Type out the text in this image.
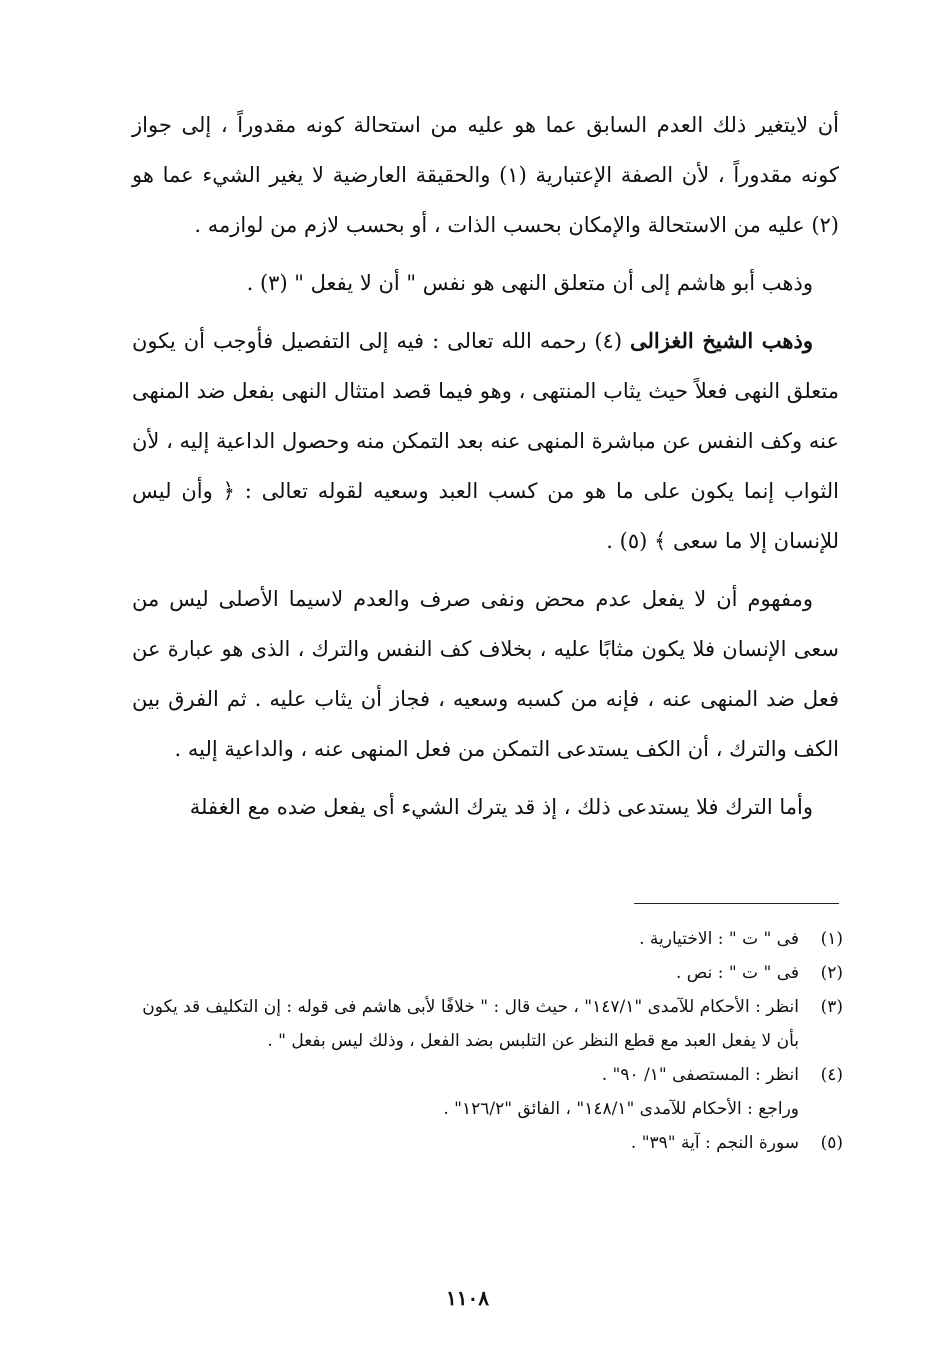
أن لايتغير ذلك العدم السابق عما هو عليه من استحالة كونه مقدوراً ، إلى جواز كونه مقدوراً ، لأن الصفة الإعتبارية (١) والحقيقة العارضية لا يغير الشيء عما هو (٢) عليه من الاستحالة والإمكان بحسب الذات ، أو بحسب لازم من لوازمه .

وذهب أبو هاشم إلى أن متعلق النهى هو نفس " أن لا يفعل " (٣) .

وذهب الشيخ الغزالى (٤) رحمه الله تعالى : فيه إلى التفصيل فأوجب أن يكون متعلق النهى فعلاً حيث يثاب المنتهى ، وهو فيما قصد امتثال النهى بفعل ضد المنهى عنه وكف النفس عن مباشرة المنهى عنه بعد التمكن منه وحصول الداعية إليه ، لأن الثواب إنما يكون على ما هو من كسب العبد وسعيه لقوله تعالى : ﴿ وأن ليس للإنسان إلا ما سعى ﴾ (٥) .

ومفهوم أن لا يفعل عدم محض ونفى صرف والعدم لاسيما الأصلى ليس من سعى الإنسان فلا يكون مثابًا عليه ، بخلاف كف النفس والترك ، الذى هو عبارة عن فعل ضد المنهى عنه ، فإنه من كسبه وسعيه ، فجاز أن يثاب عليه . ثم الفرق بين الكف والترك ، أن الكف يستدعى التمكن من فعل المنهى عنه ، والداعية إليه .

وأما الترك فلا يستدعى ذلك ، إذ قد يترك الشيء أى يفعل ضده مع الغفلة

(١)
فى " ت " : الاختيارية .
(٢)
فى " ت " : نص .
(٣)
انظر : الأحكام للآمدى "١٤٧/١" ، حيث قال : " خلافًا لأبى هاشم فى قوله : إن التكليف قد يكون بأن لا يفعل العبد مع قطع النظر عن التلبس بضد الفعل ، وذلك ليس بفعل " .
(٤)
انظر : المستصفى "١/ ٩٠" .
وراجع : الأحكام للآمدى "١٤٨/١" ، الفائق "١٢٦/٢" .
(٥)
سورة النجم : آية "٣٩" .
١١٠٨
